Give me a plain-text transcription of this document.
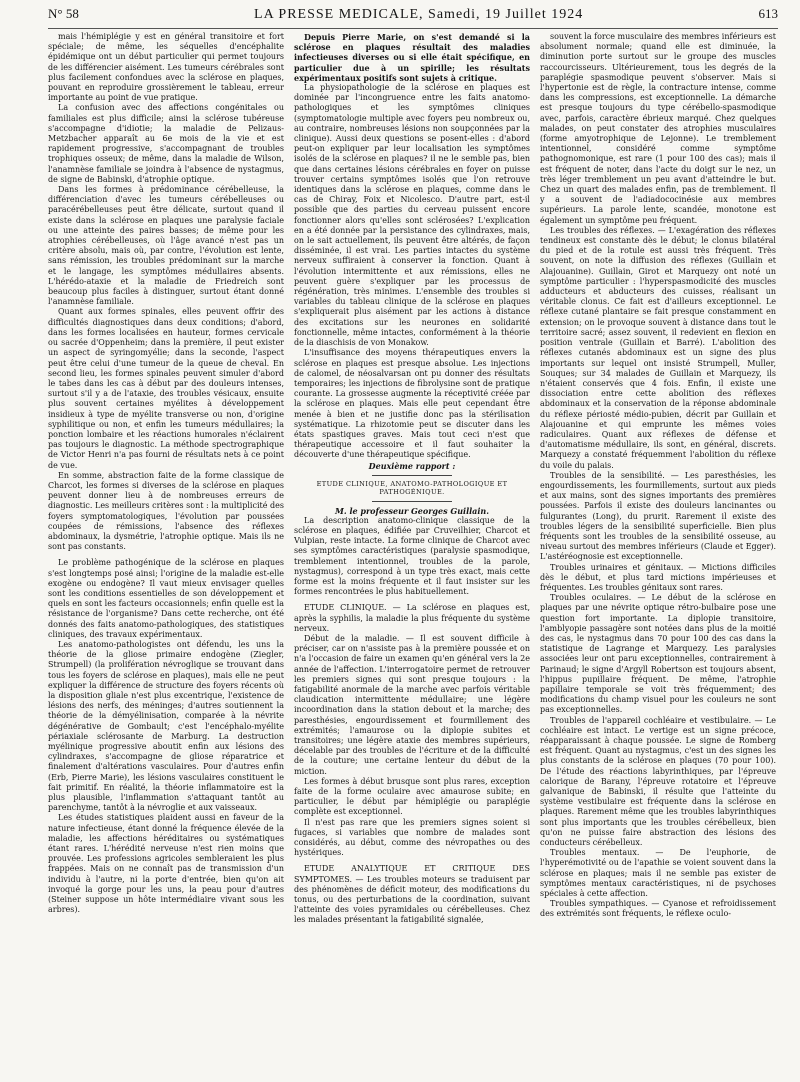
N° 58	LA PRESSE MEDICALE, Samedi, 19 Juillet 1924	613

mais l'hémiplégie y est en général transitoire et fort spéciale; de même, les séquelles d'encéphalite épidémique ont un début particulier qui permet toujours de les différencier aisément. Les tumeurs cérébrales sont plus facilement confondues avec la sclérose en plaques, pouvant en reproduire grossièrement le tableau, erreur importante au point de vue pratique.

La confusion avec des affections congénitales ou familiales est plus difficile; ainsi la sclérose tubéreuse s'accompagne d'idiotie; la maladie de Pelizaus-Metzbacher apparaît au 6e mois de la vie et est rapidement progressive, s'accompagnant de troubles trophiques osseux; de même, dans la maladie de Wilson, l'anamnèse familiale se joindra à l'absence de nystagmus, de signe de Babinski, d'atrophie optique.

Dans les formes à prédominance cérébelleuse, la différenciation d'avec les tumeurs cérébelleuses ou paracérébelleuses peut être délicate, surtout quand il existe dans la sclérose en plaques une paralysie faciale ou une atteinte des paires basses; de même pour les atrophies cérébelleuses, où l'âge avancé n'est pas un critère absolu, mais où, par contre, l'évolution est lente, sans rémission, les troubles prédominant sur la marche et le langage, les symptômes médullaires absents. L'hérédo-ataxie et la maladie de Friedreich sont beaucoup plus faciles à distinguer, surtout étant donné l'anamnèse familiale.

Quant aux formes spinales, elles peuvent offrir des difficultés diagnostiques dans deux conditions; d'abord, dans les formes localisées en hauteur, formes cervicale ou sacrée d'Oppenheim; dans la première, il peut exister un aspect de syringomyélie; dans la seconde, l'aspect peut être celui d'une tumeur de la queue de cheval. En second lieu, les formes spinales peuvent simuler d'abord le tabes dans les cas à début par des douleurs intenses, surtout s'il y a de l'ataxie, des troubles vésicaux, ensuite plus souvent certaines myélites à développement insidieux à type de myélite transverse ou non, d'origine syphilitique ou non, et enfin les tumeurs médullaires; la ponction lombaire et les réactions humorales n'éclairent pas toujours le diagnostic. La méthode spectrographique de Victor Henri n'a pas fourni de résultats nets à ce point de vue.

En somme, abstraction faite de la forme classique de Charcot, les formes si diverses de la sclérose en plaques peuvent donner lieu à de nombreuses erreurs de diagnostic. Les meilleurs critères sont : la multiplicité des foyers symptomatologiques, l'évolution par poussées coupées de rémissions, l'absence des réflexes abdominaux, la dysmétrie, l'atrophie optique. Mais ils ne sont pas constants.

Le problème pathogénique de la sclérose en plaques s'est longtemps posé ainsi; l'origine de la maladie est-elle exogène ou endogène? Il vaut mieux envisager quelles sont les conditions essentielles de son développement et quels en sont les facteurs occasionnels; enfin quelle est la résistance de l'organisme? Dans cette recherche, ont été donnés des faits anatomo-pathologiques, des statistiques cliniques, des travaux expérimentaux.

Les anatomo-pathologistes ont défendu, les uns la théorie de la gliose primaire endogène (Ziegler, Strumpell) (la prolifération névroglique se trouvant dans tous les foyers de sclérose en plaques), mais elle ne peut expliquer la différence de structure des foyers récents où la disposition gliale n'est plus excentrique, l'existence de lésions des nerfs, des méninges; d'autres soutiennent la théorie de la démyélinisation, comparée à la névrite dégénérative de Gombault; c'est l'encéphalo-myélite périaxiale sclérosante de Marburg. La destruction myélinique progressive aboutit enfin aux lésions des cylindraxes, s'accompagne de gliose réparatrice et finalement d'altérations vasculaires. Pour d'autres enfin (Erb, Pierre Marie), les lésions vasculaires constituent le fait primitif. En réalité, la théorie inflammatoire est la plus plausible, l'inflammation s'attaquant tantôt au parenchyme, tantôt à la névroglie et aux vaisseaux.

Les études statistiques plaident aussi en faveur de la nature infectieuse, étant donné la fréquence élevée de la maladie, les affections héréditaires ou systématiques étant rares. L'hérédité nerveuse n'est rien moins que prouvée. Les professions agricoles sembleraient les plus frappées. Mais on ne connaît pas de transmission d'un individu à l'autre, ni la porte d'entrée, bien qu'on ait invoqué la gorge pour les uns, la peau pour d'autres (Steiner suppose un hôte intermédiaire vivant sous les arbres).

Depuis Pierre Marie, on s'est demandé si la sclérose en plaques résultait des maladies infectieuses diverses ou si elle était spécifique, en particulier due à un spirille; les résultats expérimentaux positifs sont sujets à critique.

La physiopathologie de la sclérose en plaques est dominée par l'incongruence entre les faits anatomo-pathologiques et les symptômes cliniques (symptomatologie multiple avec foyers peu nombreux ou, au contraire, nombreuses lésions non soupçonnées par la clinique). Aussi deux questions se posent-elles : d'abord peut-on expliquer par leur localisation les symptômes isolés de la sclérose en plaques? il ne le semble pas, bien que dans certaines lésions cérébrales en foyer on puisse trouver certains symptômes isolés que l'on retrouve identiques dans la sclérose en plaques, comme dans le cas de Chiray, Foix et Nicolesco. D'autre part, est-il possible que des parties du cerveau puissent encore fonctionner alors qu'elles sont sclérosées? L'explication en a été donnée par la persistance des cylindraxes, mais, on le sait actuellement, ils peuvent être altérés, de façon disséminée, il est vrai. Les parties intactes du système nerveux suffiraient à conserver la fonction. Quant à l'évolution intermittente et aux rémissions, elles ne peuvent guère s'expliquer par les processus de régénération, très minimes. L'ensemble des troubles si variables du tableau clinique de la sclérose en plaques s'expliquerait plus aisément par les actions à distance des excitations sur les neurones en solidarité fonctionnelle, même intactes, conformément à la théorie de la diaschisis de von Monakow.

L'insuffisance des moyens thérapeutiques envers la sclérose en plaques est presque absolue. Les injections de calomel, de néosalvarsan ont pu donner des résultats temporaires; les injections de fibrolysine sont de pratique courante. La grossesse augmente la réceptivité créée par la sclérose en plaques. Mais elle peut cependant être menée à bien et ne justifie donc pas la stérilisation systématique. La rhizotomie peut se discuter dans les états spastiques graves. Mais tout ceci n'est que thérapeutique accessoire et il faut souhaiter la découverte d'une thérapeutique spécifique.

Deuxième rapport :

ETUDE CLINIQUE, ANATOMO-PATHOLOGIQUE ET PATHOGÉNIQUE.

M. le professeur Georges Guillain.

La description anatomo-clinique classique de la sclérose en plaques, édifiée par Cruveilhier, Charcot et Vulpian, reste intacte. La forme clinique de Charcot avec ses symptômes caractéristiques (paralysie spasmodique, tremblement intentionnel, troubles de la parole, nystagmus), correspond à un type très exact, mais cette forme est la moins fréquente et il faut insister sur les formes rencontrées le plus habituellement.

ETUDE CLINIQUE. — La sclérose en plaques est, après la syphilis, la maladie la plus fréquente du système nerveux.

Début de la maladie. — Il est souvent difficile à préciser, car on n'assiste pas à la première poussée et on n'a l'occasion de faire un examen qu'en général vers la 2e année de l'affection. L'interrogatoire permet de retrouver les premiers signes qui sont presque toujours : la fatigabilité anormale de la marche avec parfois véritable claudication intermittente médullaire; une légère incoordination dans la station debout et la marche; des paresthésies, engourdissement et fourmillement des extrémités; l'amaurose ou la diplopie subites et transitoires; une légère ataxie des membres supérieurs, décelable par des troubles de l'écriture et de la difficulté de la couture; une certaine lenteur du début de la miction.

Les formes à début brusque sont plus rares, exception faite de la forme oculaire avec amaurose subite; en particulier, le début par hémiplégie ou paraplégie complète est exceptionnel.

Il n'est pas rare que les premiers signes soient si fugaces, si variables que nombre de malades sont considérés, au début, comme des névropathes ou des hystériques.

ETUDE ANALYTIQUE ET CRITIQUE DES SYMPTOMES. — Les troubles moteurs se traduisent par des phénomènes de déficit moteur, des modifications du tonus, ou des perturbations de la coordination, suivant l'atteinte des voies pyramidales ou cérébelleuses. Chez les malades présentant la fatigabilité signalée,

souvent la force musculaire des membres inférieurs est absolument normale; quand elle est diminuée, la diminution porte surtout sur le groupe des muscles raccourcisseurs. Ultérieurement, tous les degrés de la paraplégie spasmodique peuvent s'observer. Mais si l'hypertonie est de règle, la contracture intense, comme dans les compressions, est exceptionnelle. La démarche est presque toujours du type cérébello-spasmodique avec, parfois, caractère ébrieux marqué. Chez quelques malades, on peut constater des atrophies musculaires (forme amyotrophique de Lejonne). Le tremblement intentionnel, considéré comme symptôme pathognomonique, est rare (1 pour 100 des cas); mais il est fréquent de noter, dans l'acte du doigt sur le nez, un très léger tremblement un peu avant d'atteindre le but. Chez un quart des malades enfin, pas de tremblement. Il y a souvent de l'adiadococinésie aux membres supérieurs. La parole lente, scandée, monotone est également un symptôme peu fréquent.

Les troubles des réflexes. — L'exagération des réflexes tendineux est constante dès le début; le clonus bilatéral du pied et de la rotule est aussi très fréquent. Très souvent, on note la diffusion des réflexes (Guillain et Alajouanine). Guillain, Girot et Marquezy ont noté un symptôme particulier : l'hyperspasmodicité des muscles adducteurs et abducteurs des cuisses, réalisant un véritable clonus. Ce fait est d'ailleurs exceptionnel. Le réflexe cutané plantaire se fait presque constamment en extension; on le provoque souvent à distance dans tout le territoire sacré; assez souvent, il redevient en flexion en position ventrale (Guillain et Barré). L'abolition des réflexes cutanés abdominaux est un signe des plus importants sur lequel ont insisté Strumpell, Muller, Souques; sur 34 malades de Guillain et Marquezy, ils n'étaient conservés que 4 fois. Enfin, il existe une dissociation entre cette abolition des réflexes abdominaux et la conservation de la réponse abdominale du réflexe périosté médio-pubien, décrit par Guillain et Alajouanine et qui emprunte les mêmes voies radiculaires. Quant aux réflexes de défense et d'automatisme médullaire, ils sont, en général, discrets. Marquezy a constaté fréquemment l'abolition du réflexe du voile du palais.

Troubles de la sensibilité. — Les paresthésies, les engourdissements, les fourmillements, surtout aux pieds et aux mains, sont des signes importants des premières poussées. Parfois il existe des douleurs lancinantes ou fulgurantes (Long), du prurit. Rarement il existe des troubles légers de la sensibilité superficielle. Bien plus fréquents sont les troubles de la sensibilité osseuse, au niveau surtout des membres inférieurs (Claude et Egger). L'astéréognosie est exceptionnelle.

Troubles urinaires et génitaux. — Mictions difficiles dès le début, et plus tard mictions impérieuses et fréquentes. Les troubles génitaux sont rares.

Troubles oculaires. — Le début de la sclérose en plaques par une névrite optique rétro-bulbaire pose une question fort importante. La diplopie transitoire, l'amblyopie passagère sont notées dans plus de la moitié des cas, le nystagmus dans 70 pour 100 des cas dans la statistique de Lagrange et Marquezy. Les paralysies associées leur ont paru exceptionnelles, contrairement à Parinaud; le signe d'Argyll Robertson est toujours absent, l'hippus pupillaire fréquent. De même, l'atrophie papillaire temporale se voit très fréquemment; des modifications du champ visuel pour les couleurs ne sont pas exceptionnelles.

Troubles de l'appareil cochléaire et vestibulaire. — Le cochléaire est intact. Le vertige est un signe précoce, réapparaissant à chaque poussée. Le signe de Romberg est fréquent. Quant au nystagmus, c'est un des signes les plus constants de la sclérose en plaques (70 pour 100). De l'étude des réactions labyrinthiques, par l'épreuve calorique de Barany, l'épreuve rotatoire et l'épreuve galvanique de Babinski, il résulte que l'atteinte du système vestibulaire est fréquente dans la sclérose en plaques. Rarement même que les troubles labyrinthiques sont plus importants que les troubles cérébelleux, bien qu'on ne puisse faire abstraction des lésions des conducteurs cérébelleux.

Troubles mentaux. — De l'euphorie, de l'hyperémotivité ou de l'apathie se voient souvent dans la sclérose en plaques; mais il ne semble pas exister de symptômes mentaux caractéristiques, ni de psychoses spéciales à cette affection.

Troubles sympathiques. — Cyanose et refroidissement des extrémités sont fréquents, le réflexe oculo-
